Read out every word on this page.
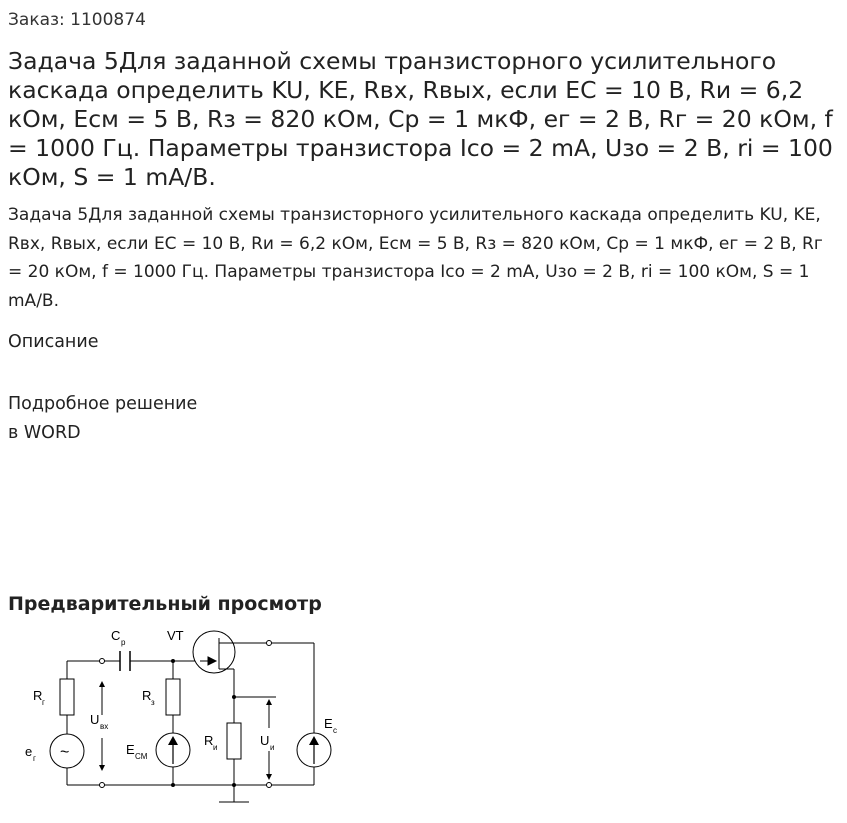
Заказ: 1100874
Задача 5Для заданной схемы транзисторного усилительного каскада определить KU, KE, Rвх, Rвых, если EC = 10 В, Rи = 6,2 кОм, Eсм = 5 В, Rз = 820 кОм, Cр = 1 мкФ, eг = 2 В, Rг = 20 кОм, f = 1000 Гц. Параметры транзистора Iсо = 2 mA, Uзо = 2 В, ri = 100 кОм, S = 1 mA/В.

Задача 5Для заданной схемы транзисторного усилительного каскада определить KU, KE, Rвх, Rвых, если EC = 10 В, Rи = 6,2 кОм, Eсм = 5 В, Rз = 820 кОм, Cр = 1 мкФ, eг = 2 В, Rг = 20 кОм, f = 1000 Гц. Параметры транзистора Iсо = 2 mA, Uзо = 2 В, ri = 100 кОм, S = 1 mA/В.

Описание
Подробное решение
в WORD
Предварительный просмотр
~
C р	VT
R г	R з
U вх
e г
E СМ
R и	U и
E с
